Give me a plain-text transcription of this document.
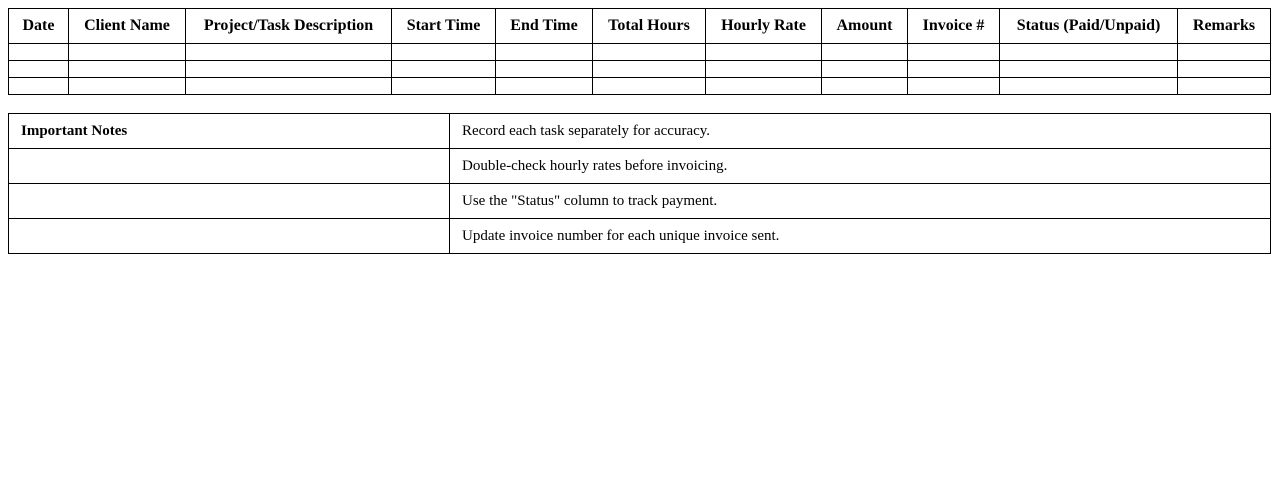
Date	Client Name	Project/Task Description	Start Time	End Time	Total Hours	Hourly Rate	Amount	Invoice #	Status (Paid/Unpaid)	Remarks

Important Notes	Record each task separately for accuracy.
	Double-check hourly rates before invoicing.
	Use the "Status" column to track payment.
	Update invoice number for each unique invoice sent.
